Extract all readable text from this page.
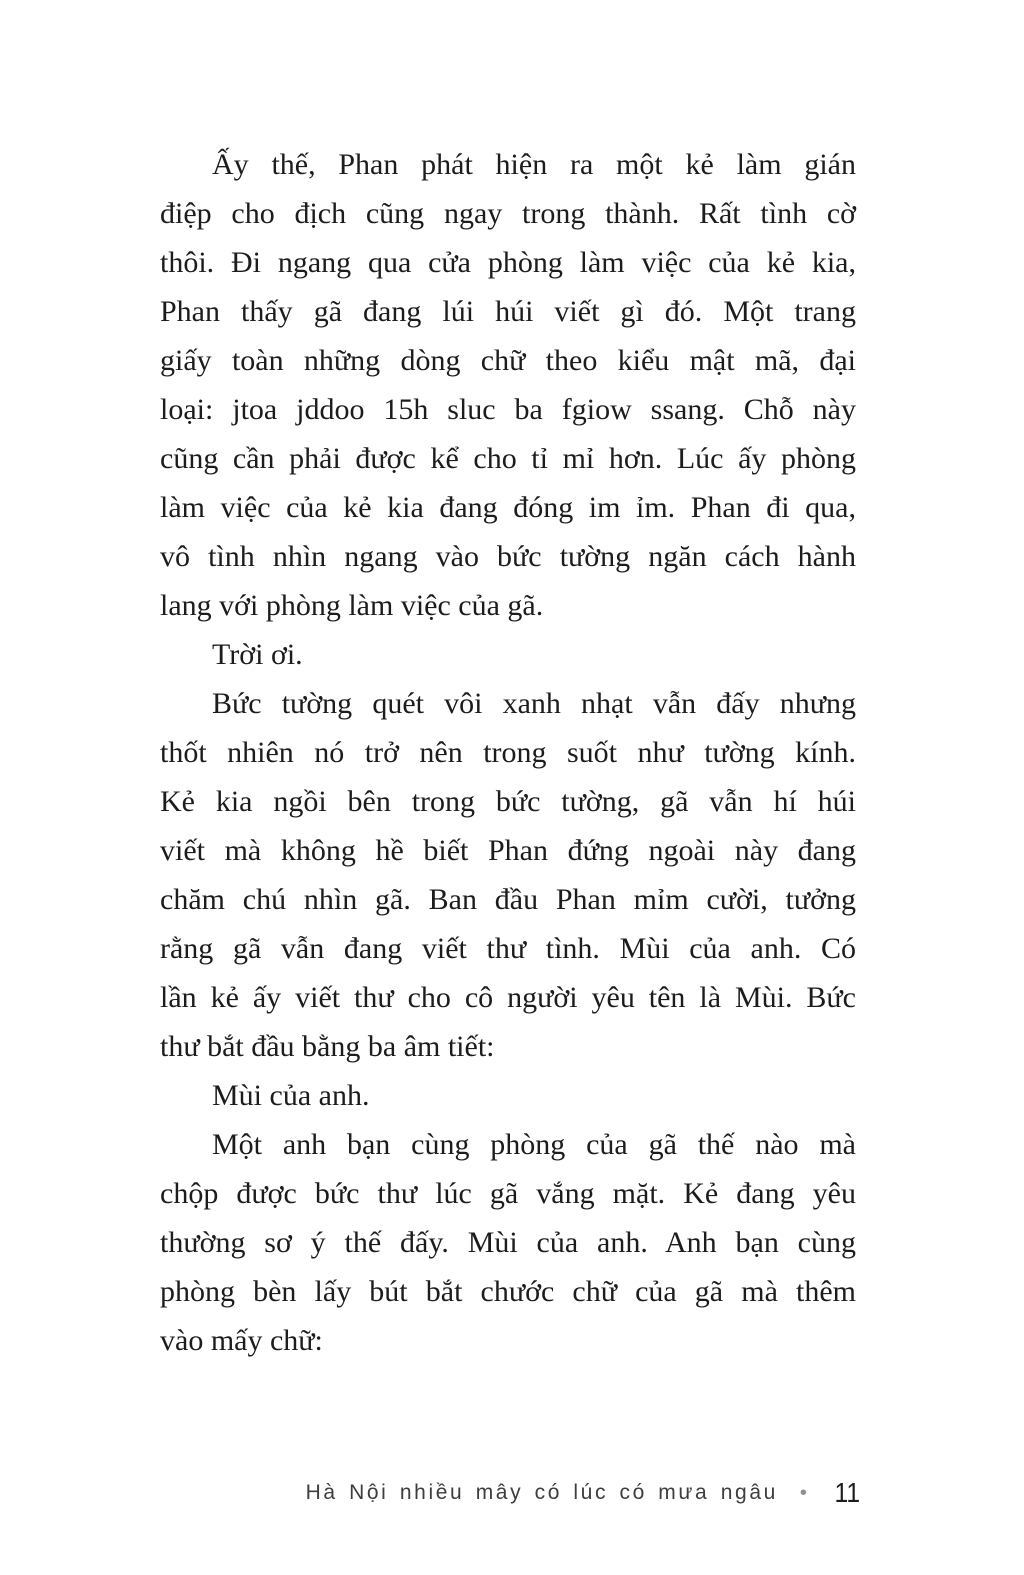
Ấy thế, Phan phát hiện ra một kẻ làm gián
điệp cho địch cũng ngay trong thành. Rất tình cờ
thôi. Đi ngang qua cửa phòng làm việc của kẻ kia,
Phan thấy gã đang lúi húi viết gì đó. Một trang
giấy toàn những dòng chữ theo kiểu mật mã, đại
loại: jtoa jddoo 15h sluc ba fgiow ssang. Chỗ này
cũng cần phải được kể cho tỉ mỉ hơn. Lúc ấy phòng
làm việc của kẻ kia đang đóng im ỉm. Phan đi qua,
vô tình nhìn ngang vào bức tường ngăn cách hành
lang với phòng làm việc của gã.
Trời ơi.
Bức tường quét vôi xanh nhạt vẫn đấy nhưng
thốt nhiên nó trở nên trong suốt như tường kính.
Kẻ kia ngồi bên trong bức tường, gã vẫn hí húi
viết mà không hề biết Phan đứng ngoài này đang
chăm chú nhìn gã. Ban đầu Phan mỉm cười, tưởng
rằng gã vẫn đang viết thư tình. Mùi của anh. Có
lần kẻ ấy viết thư cho cô người yêu tên là Mùi. Bức
thư bắt đầu bằng ba âm tiết:
Mùi của anh.
Một anh bạn cùng phòng của gã thế nào mà
chộp được bức thư lúc gã vắng mặt. Kẻ đang yêu
thường sơ ý thế đấy. Mùi của anh. Anh bạn cùng
phòng bèn lấy bút bắt chước chữ của gã mà thêm
vào mấy chữ:
Hà Nội nhiều mây có lúc có mưa ngâu • 11
